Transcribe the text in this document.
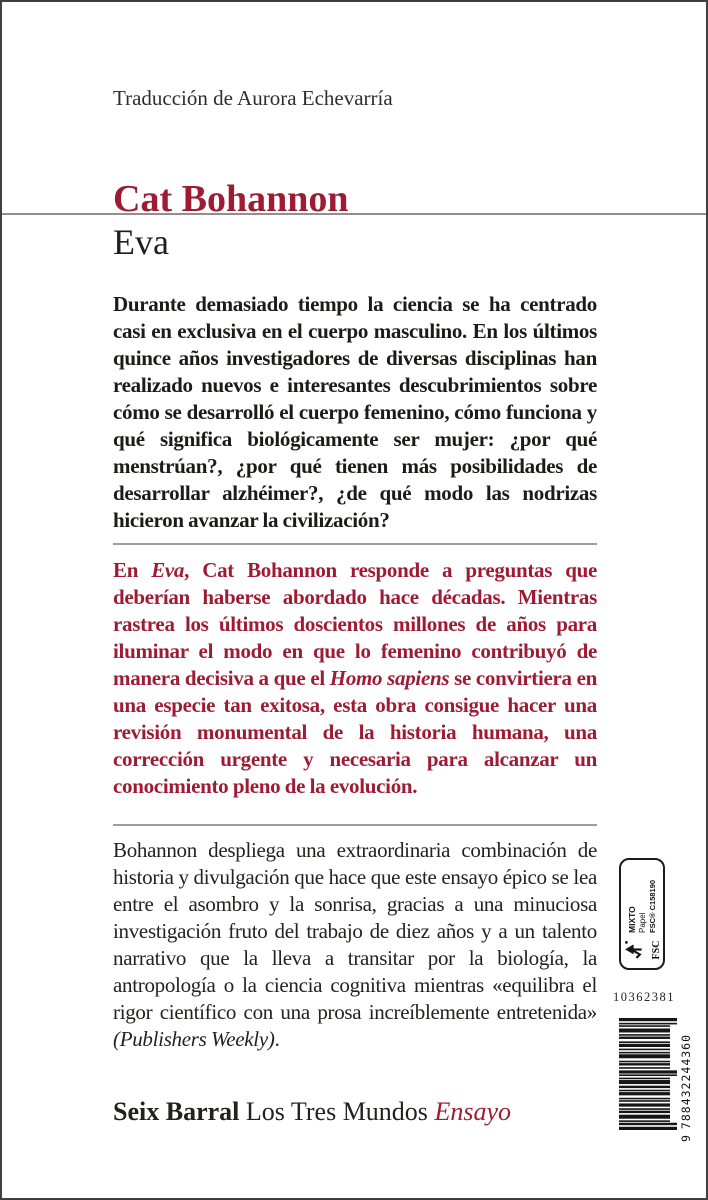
Traducción de Aurora Echevarría

Cat Bohannon
Eva

Durante demasiado tiempo la ciencia se ha centrado casi en exclusiva en el cuerpo masculino. En los últimos quince años investigadores de diversas disciplinas han realizado nuevos e interesantes descubrimientos sobre cómo se desarrolló el cuerpo femenino, cómo funciona y qué significa biológicamente ser mujer: ¿por qué menstrúan?, ¿por qué tienen más posibilidades de desarrollar alzhéimer?, ¿de qué modo las nodrizas hicieron avanzar la civilización?

En Eva, Cat Bohannon responde a preguntas que deberían haberse abordado hace décadas. Mientras rastrea los últimos doscientos millones de años para iluminar el modo en que lo femenino contribuyó de manera decisiva a que el Homo sapiens se convirtiera en una especie tan exitosa, esta obra consigue hacer una revisión monumental de la historia humana, una corrección urgente y necesaria para alcanzar un conocimiento pleno de la evolución.

Bohannon despliega una extraordinaria combinación de historia y divulgación que hace que este ensayo épico se lea entre el asombro y la sonrisa, gracias a una minuciosa investigación fruto del trabajo de diez años y a un talento narrativo que la lleva a transitar por la biología, la antropología o la ciencia cognitiva mientras «equilibra el rigor científico con una prosa increíblemente entretenida» (Publishers Weekly).

Seix Barral Los Tres Mundos Ensayo
FSC
MIXTO Papel FSC® C158190
10362381
9788432244360
